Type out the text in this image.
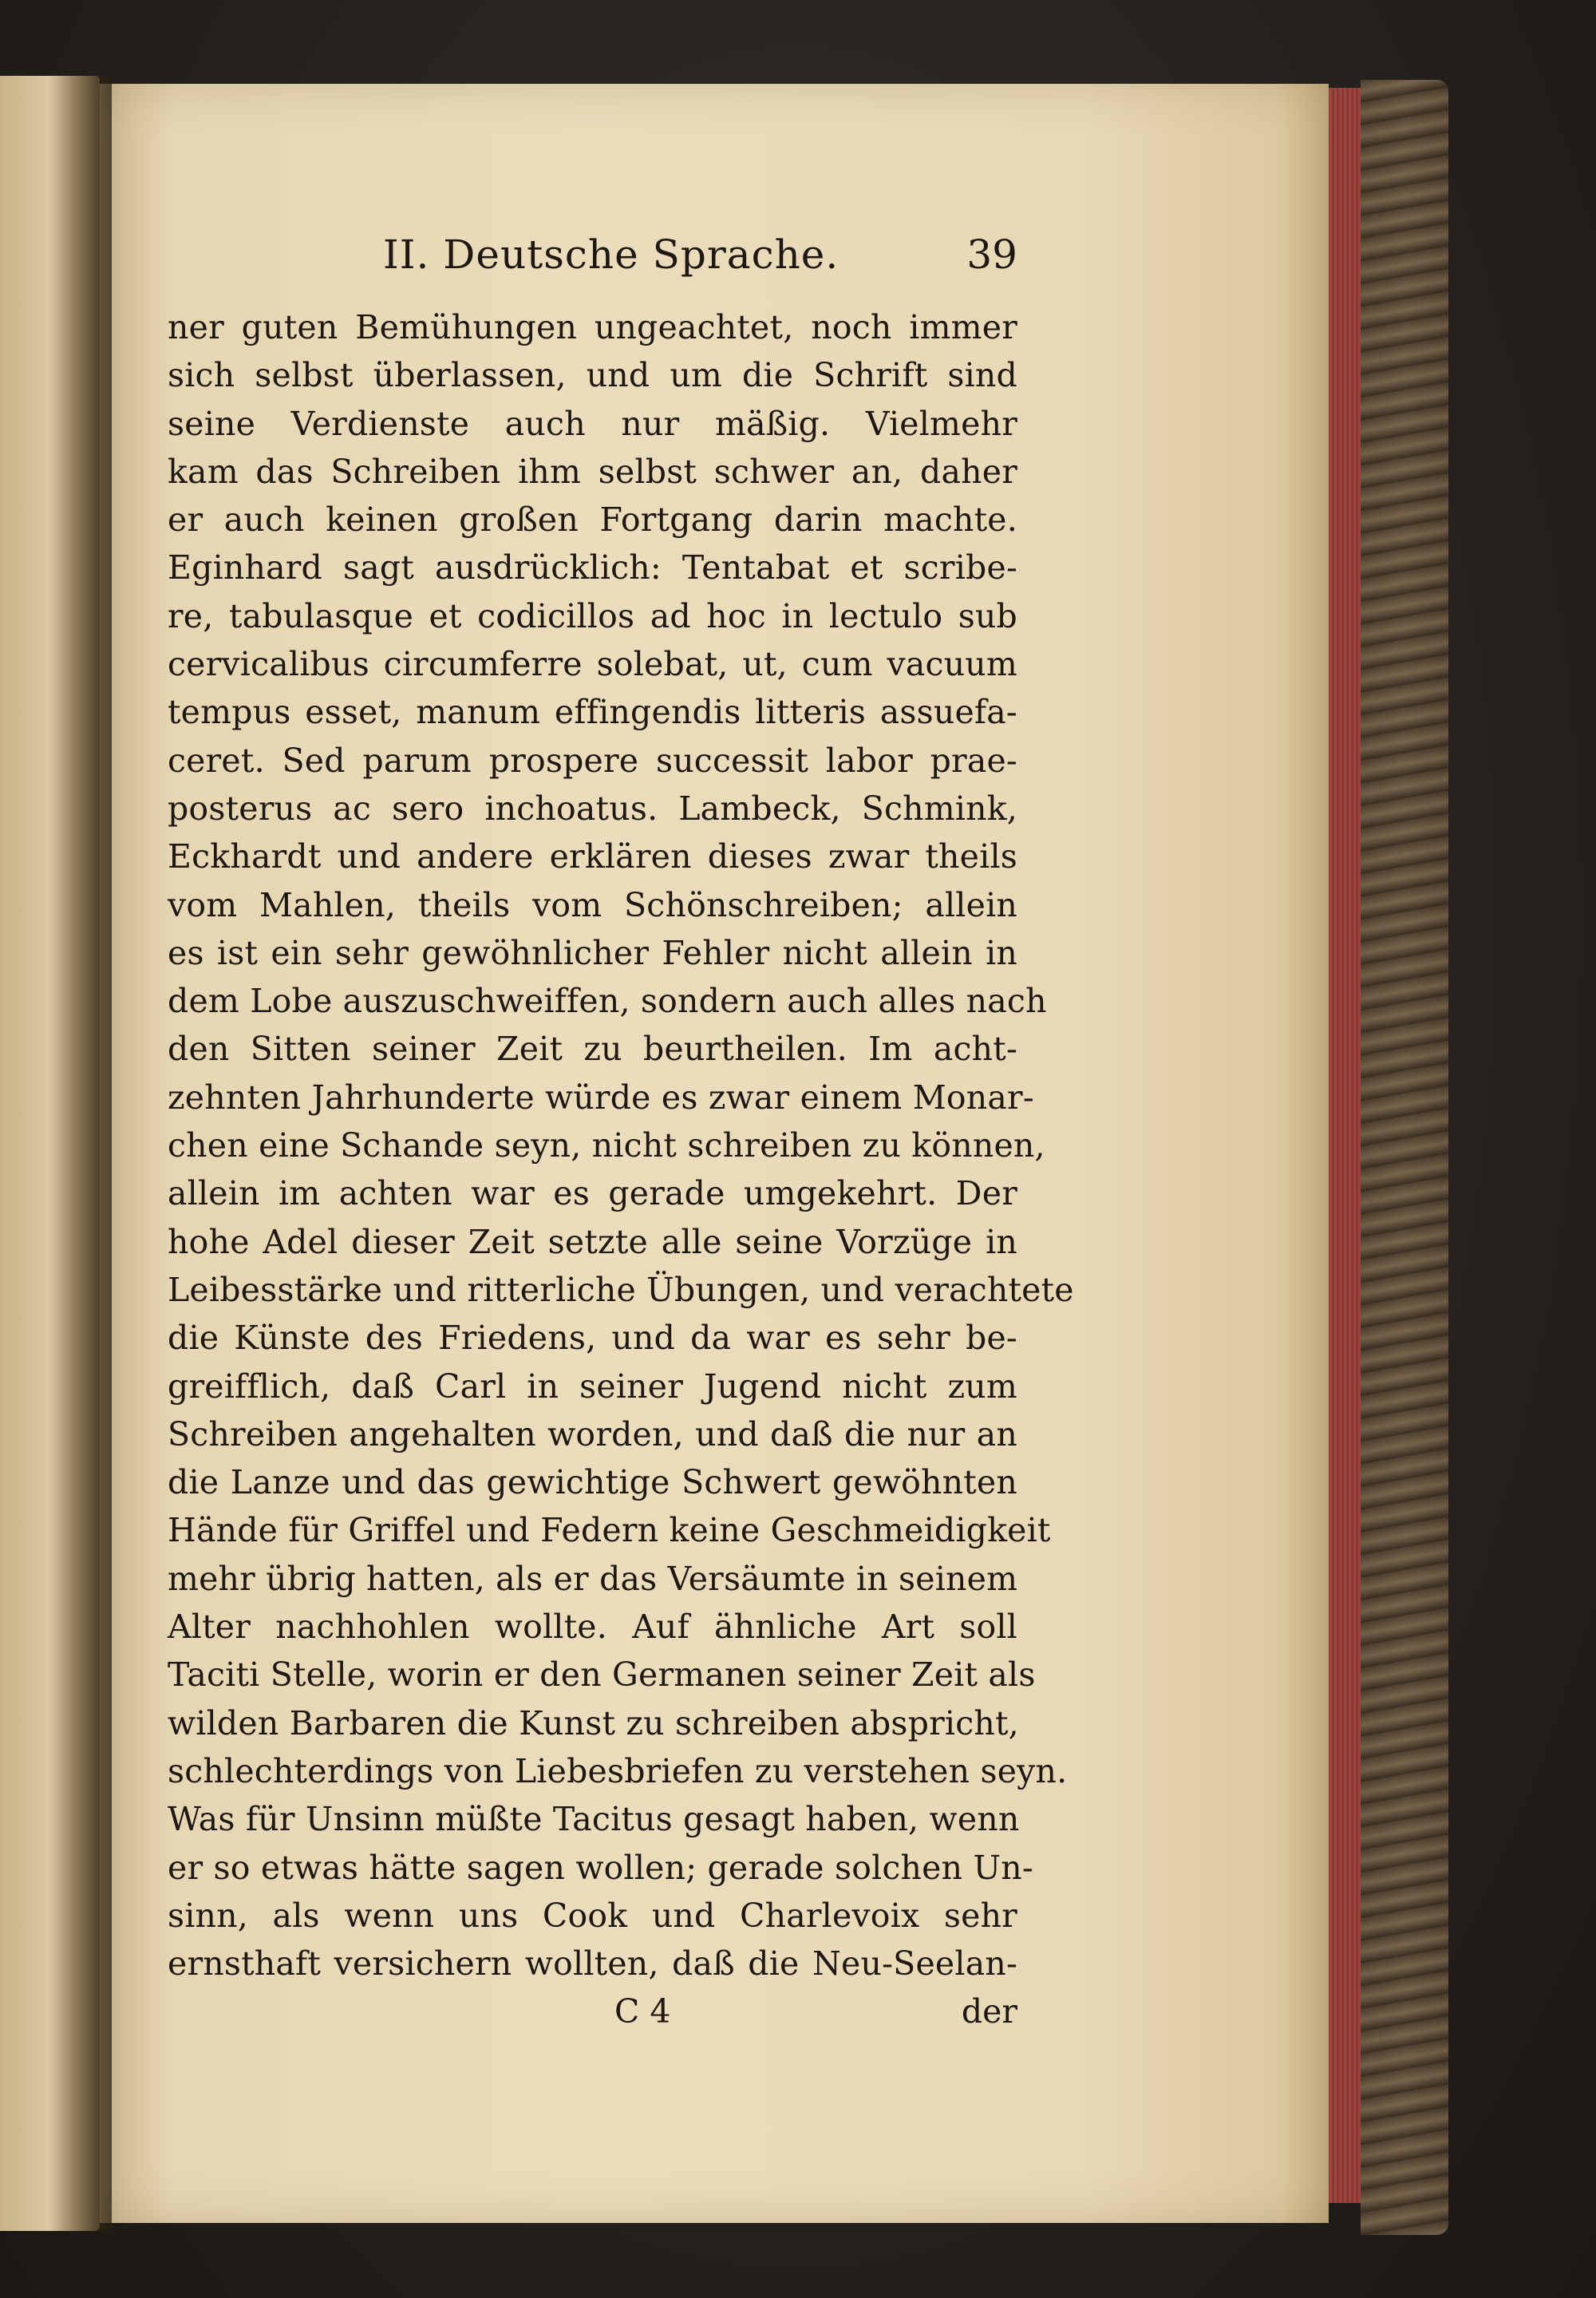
II. Deutsche Sprache.	39
ner guten Bemühungen ungeachtet, noch immer
sich selbst überlassen, und um die Schrift sind
seine Verdienste auch nur mäßig. Vielmehr
kam das Schreiben ihm selbst schwer an, daher
er auch keinen großen Fortgang darin machte.
Eginhard sagt ausdrücklich: Tentabat et scribe-
re, tabulasque et codicillos ad hoc in lectulo sub
cervicalibus circumferre solebat, ut, cum vacuum
tempus esset, manum effingendis litteris assuefa-
ceret. Sed parum prospere successit labor prae-
posterus ac sero inchoatus. Lambeck, Schmink,
Eckhardt und andere erklären dieses zwar theils
vom Mahlen, theils vom Schönschreiben; allein
es ist ein sehr gewöhnlicher Fehler nicht allein in
dem Lobe auszuschweiffen, sondern auch alles nach
den Sitten seiner Zeit zu beurtheilen. Im acht-
zehnten Jahrhunderte würde es zwar einem Monar-
chen eine Schande seyn, nicht schreiben zu können,
allein im achten war es gerade umgekehrt. Der
hohe Adel dieser Zeit setzte alle seine Vorzüge in
Leibesstärke und ritterliche Übungen, und verachtete
die Künste des Friedens, und da war es sehr be-
greifflich, daß Carl in seiner Jugend nicht zum
Schreiben angehalten worden, und daß die nur an
die Lanze und das gewichtige Schwert gewöhnten
Hände für Griffel und Federn keine Geschmeidigkeit
mehr übrig hatten, als er das Versäumte in seinem
Alter nachhohlen wollte. Auf ähnliche Art soll
Taciti Stelle, worin er den Germanen seiner Zeit als
wilden Barbaren die Kunst zu schreiben abspricht,
schlechterdings von Liebesbriefen zu verstehen seyn.
Was für Unsinn müßte Tacitus gesagt haben, wenn
er so etwas hätte sagen wollen; gerade solchen Un-
sinn, als wenn uns Cook und Charlevoix sehr
ernsthaft versichern wollten, daß die Neu-Seelan-
C 4	der
